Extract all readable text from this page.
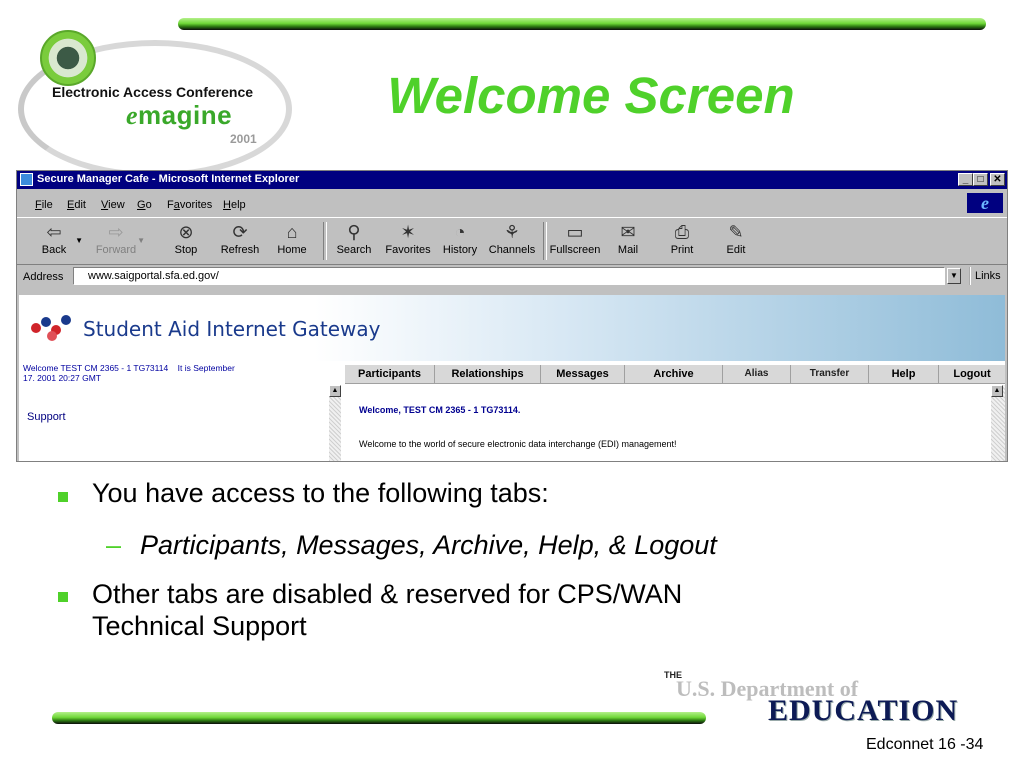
Electronic Access Conference
emagine
2001
Welcome Screen
Secure Manager Cafe - Microsoft Internet Explorer	_ □ ✕
File Edit View Go Favorites Help	e
⇦
Back
▼	⇨
Forward
▼	⊗
Stop
⟳
Refresh
⌂
Home
⚲
Search
✶
Favorites
◔
History
⚘
Channels
▭
Fullscreen
✉
Mail
⎙
Print
✎
Edit
Address
www.saigportal.sfa.ed.gov/	▼	Links
Student Aid Internet Gateway
Welcome TEST CM 2365 - 1 TG73114    It is September
17. 2001 20:27 GMT
Support
▲
Participants	Relationships	Messages	Archive	Alias	Transfer	Help	Logout
Welcome, TEST CM 2365 - 1 TG73114.
Welcome to the world of secure electronic data interchange (EDI) management!
▲
You have access to the following tabs:
– Participants, Messages, Archive, Help, & Logout
Other tabs are disabled & reserved for CPS/WAN
Technical Support
THE
U.S. Department of
EDUCATION
Edconnet 16 -34
